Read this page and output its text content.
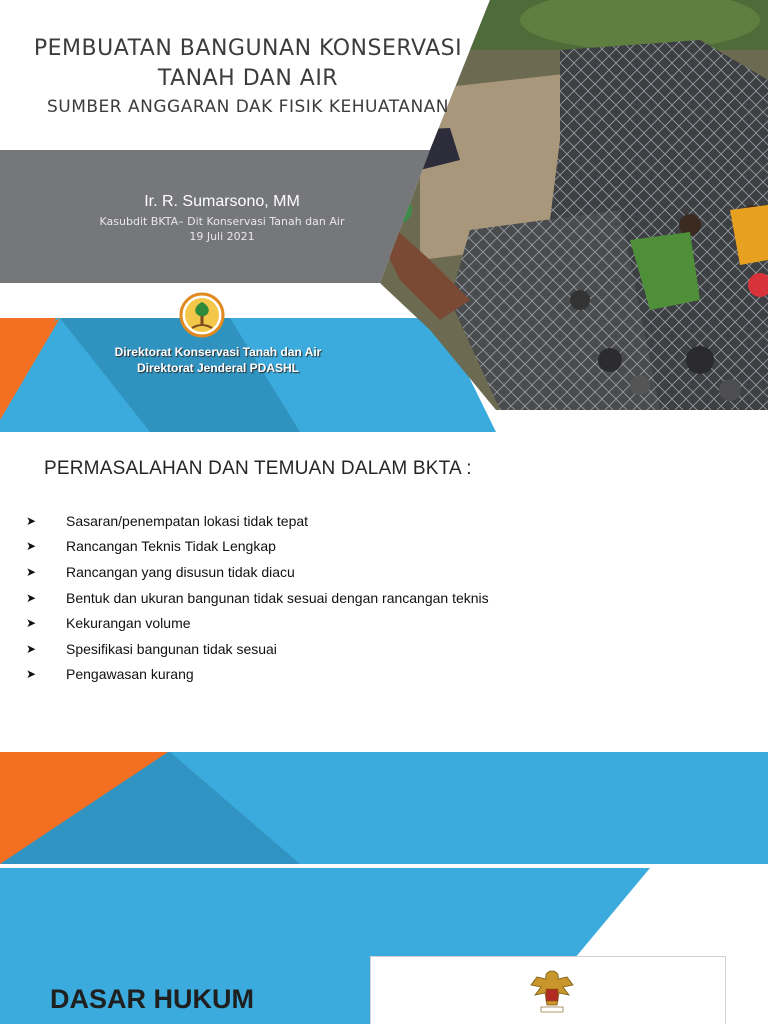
PEMBUATAN BANGUNAN KONSERVASI
TANAH DAN AIR
SUMBER ANGGARAN DAK FISIK KEHUATANAN
Ir. R. Sumarsono, MM
Kasubdit BKTA– Dit Konservasi Tanah dan Air
19 Juli 2021
Direktorat Konservasi Tanah dan Air
Direktorat Jenderal PDASHL
PERMASALAHAN DAN TEMUAN DALAM BKTA :
➤	Sasaran/penempatan lokasi tidak tepat
➤	Rancangan Teknis Tidak Lengkap
➤	Rancangan yang disusun tidak diacu
➤	Bentuk dan ukuran bangunan tidak sesuai dengan rancangan teknis
➤	Kekurangan volume
➤	Spesifikasi bangunan tidak sesuai
➤	Pengawasan kurang
DASAR HUKUM
